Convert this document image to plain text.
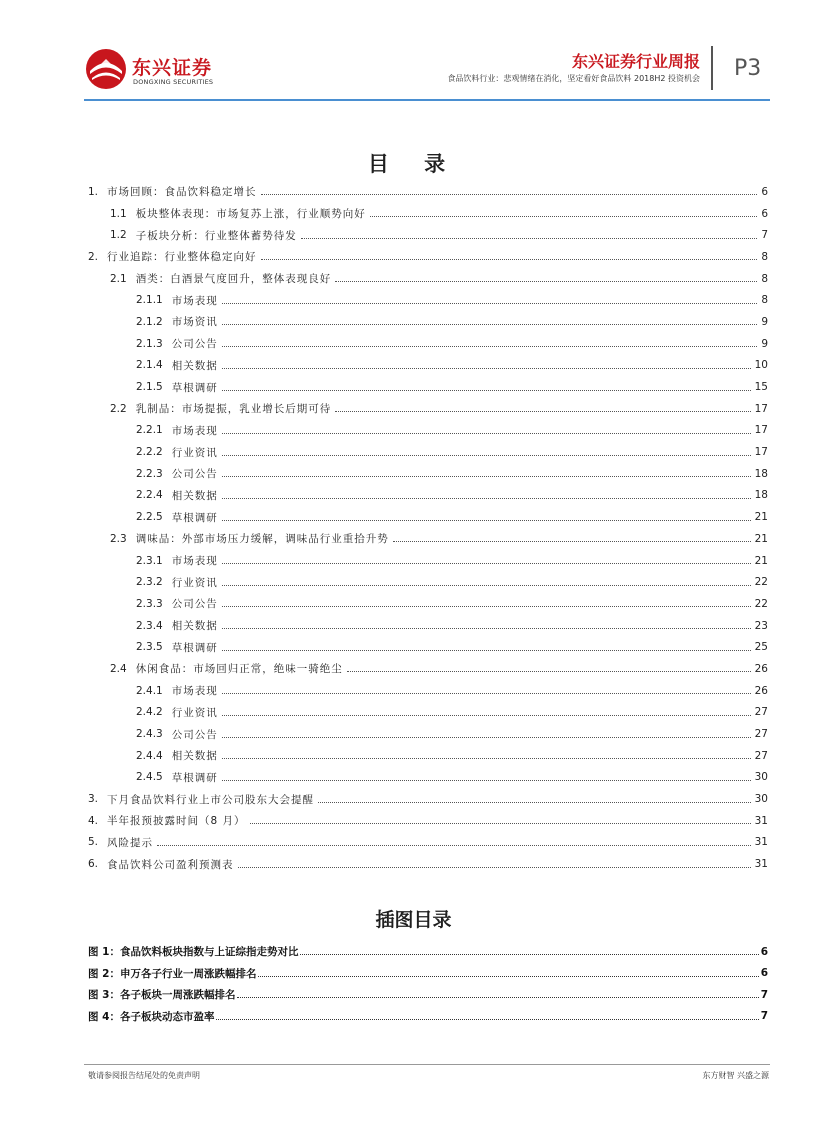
东兴证券
DONGXING SECURITIES
东兴证券行业周报
食品饮料行业：悲观情绪在消化，坚定看好食品饮料 2018H2 投资机会 P3
目 录
1. 市场回顾：食品饮料稳定增长	6
1.1 板块整体表现：市场复苏上涨，行业顺势向好	6
1.2 子板块分析：行业整体蓄势待发	7
2. 行业追踪：行业整体稳定向好	8
2.1 酒类：白酒景气度回升，整体表现良好	8
2.1.1 市场表现	8
2.1.2 市场资讯	9
2.1.3 公司公告	9
2.1.4 相关数据	10
2.1.5 草根调研	15
2.2 乳制品：市场提振，乳业增长后期可待	17
2.2.1 市场表现	17
2.2.2 行业资讯	17
2.2.3 公司公告	18
2.2.4 相关数据	18
2.2.5 草根调研	21
2.3 调味品：外部市场压力缓解，调味品行业重拾升势	21
2.3.1 市场表现	21
2.3.2 行业资讯	22
2.3.3 公司公告	22
2.3.4 相关数据	23
2.3.5 草根调研	25
2.4 休闲食品：市场回归正常，绝味一骑绝尘	26
2.4.1 市场表现	26
2.4.2 行业资讯	27
2.4.3 公司公告	27
2.4.4 相关数据	27
2.4.5 草根调研	30
3. 下月食品饮料行业上市公司股东大会提醒	30
4. 半年报预披露时间（8 月）	31
5. 风险提示	31
6. 食品饮料公司盈利预测表	31
插图目录
图 1：食品饮料板块指数与上证综指走势对比	6
图 2：申万各子行业一周涨跌幅排名	6
图 3：各子板块一周涨跌幅排名	7
图 4：各子板块动态市盈率	7
敬请参阅报告结尾处的免责声明	东方财智 兴盛之源
